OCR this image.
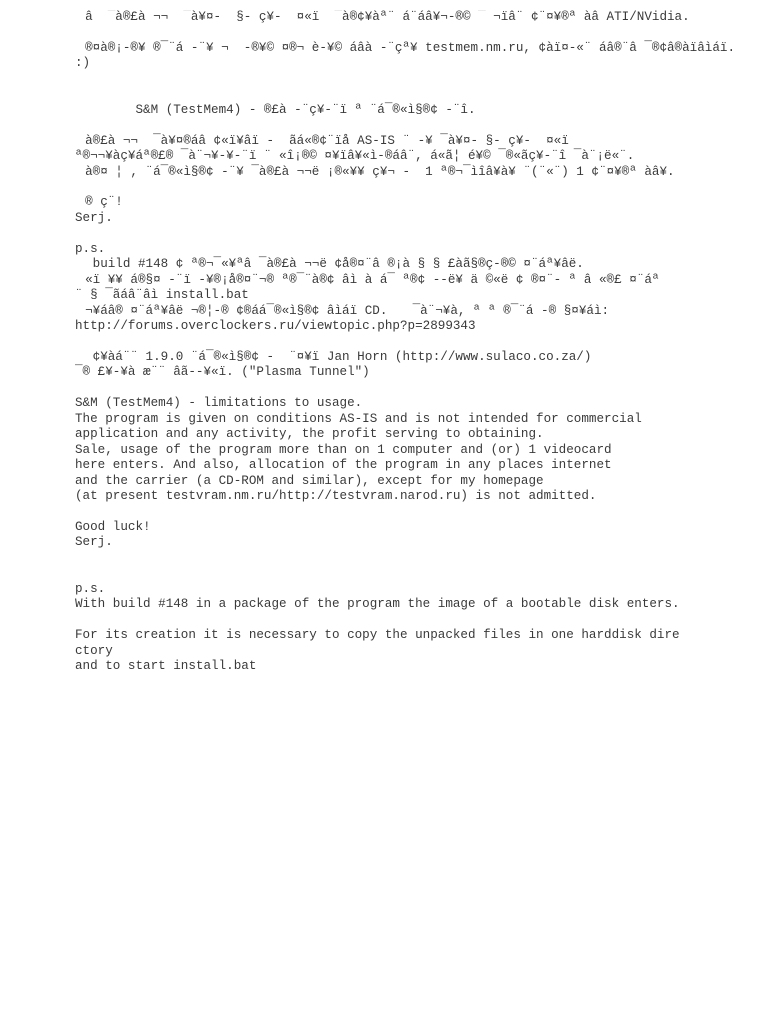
â  ¯à®£à ¬¬  ¯à¥¤-  §- ç¥-  ¤«ï  ¯à®¢¥àª¨ á¨áâ¥¬-®© ¯ ¬ïâ¨ ¢¨¤¥®ª àâ ATI/NVidia.

®¤à®¡-®¥ ®¯¨á -¨¥ ¬  -®¥© ¤®¬ è-¥© áâà -¨çª¥ testmem.nm.ru, ¢àï¤-«¨ áâ®¨â ¯®¢â®àïâìáï.
:)

S&M (TestMem4) - ®£à -¨ç¥-¨ï ª ¨á¯®«ì§®¢ -¨î.

à®£à ¬¬  ¯à¥¤®áâ ¢«ï¥âï -  ãá«®¢¨ïå AS-IS ¨ -¥ ¯à¥¤- §- ç¥-  ¤«ï
ª®¬¬¥àç¥áª®£® ¯à¨¬¥-¥-¨ï ¨ «î¡®© ¤¥ïâ¥«ì-®áâ¨, á«ã¦ é¥© ¯®«ãç¥-¨î ¯à¨¡ë«¨.
à®¤ ¦ , ¨á¯®«ì§®¢ -¨¥ ¯à®£à ¬¬ë ¡®«¥¥ ç¥¬ -  1 ª®¬¯ìîâ¥à¥ ¨(¨«¨) 1 ¢¨¤¥®ª àâ¥. 

® ç¨!
Serj.

p.s.
 build #148 ¢ ª®¬¯«¥ªâ ¯à®£à ¬¬ë ¢å®¤¨â ®¡à § § £àã§®ç-®© ¤¨áª¥âë.
«ï ¥¥ á®§¤ -¨ï -¥®¡å®¤¨¬® ª®¯¨à®¢ âì à á¯ ª®¢ --ë¥ ä ©«ë ¢ ®¤¨- ª â «®£ ¤¨áª
¨ § ¯ãáâ¨âì install.bat
¬¥áâ® ¤¨áª¥âë ¬®¦-® ¢®áá¯®«ì§®¢ âìáï CD.  ¯à¨¬¥à, ª ª ®¯¨á -® §¤¥áì:
http://forums.overclockers.ru/viewtopic.php?p=2899343

 ¢¥àá¨¨ 1.9.0 ¨á¯®«ì§®¢ -  ¨¤¥ï Jan Horn (http://www.sulaco.co.za/)
¯® £¥-¥à æ¨¨ âã--¥«ï. ("Plasma Tunnel")

S&M (TestMem4) - limitations to usage.
The program is given on conditions AS-IS and is not intended for commercial
application and any activity, the profit serving to obtaining.
Sale, usage of the program more than on 1 computer and (or) 1 videocard
here enters. And also, allocation of the program in any places internet
and the carrier (a CD-ROM and similar), except for my homepage
(at present testvram.nm.ru/http://testvram.narod.ru) is not admitted.

Good luck!
Serj.

p.s.
With build #148 in a package of the program the image of a bootable disk enters.

For its creation it is necessary to copy the unpacked files in one harddisk dire
ctory
and to start install.bat
